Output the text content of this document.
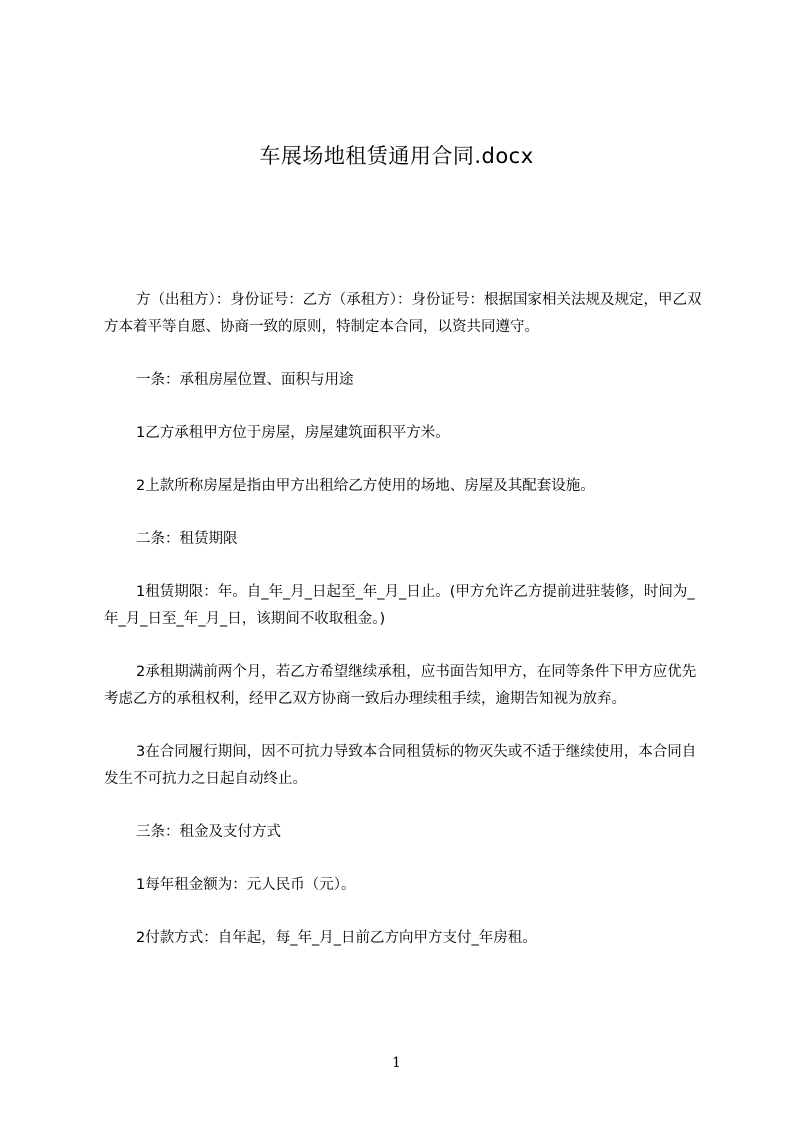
车展场地租赁通用合同.docx

方（出租方）：身份证号：乙方（承租方）：身份证号：根据国家相关法规及规定，甲乙双方本着平等自愿、协商一致的原则，特制定本合同，以资共同遵守。

一条：承租房屋位置、面积与用途

1乙方承租甲方位于房屋，房屋建筑面积平方米。

2上款所称房屋是指由甲方出租给乙方使用的场地、房屋及其配套设施。

二条：租赁期限

1租赁期限：年。自_年_月_日起至_年_月_日止。(甲方允许乙方提前进驻装修，时间为_年_月_日至_年_月_日，该期间不收取租金。)

2承租期满前两个月，若乙方希望继续承租，应书面告知甲方，在同等条件下甲方应优先考虑乙方的承租权利，经甲乙双方协商一致后办理续租手续，逾期告知视为放弃。

3在合同履行期间，因不可抗力导致本合同租赁标的物灭失或不适于继续使用，本合同自发生不可抗力之日起自动终止。

三条：租金及支付方式

1每年租金额为：元人民币（元）。

2付款方式：自年起，每_年_月_日前乙方向甲方支付_年房租。

1
